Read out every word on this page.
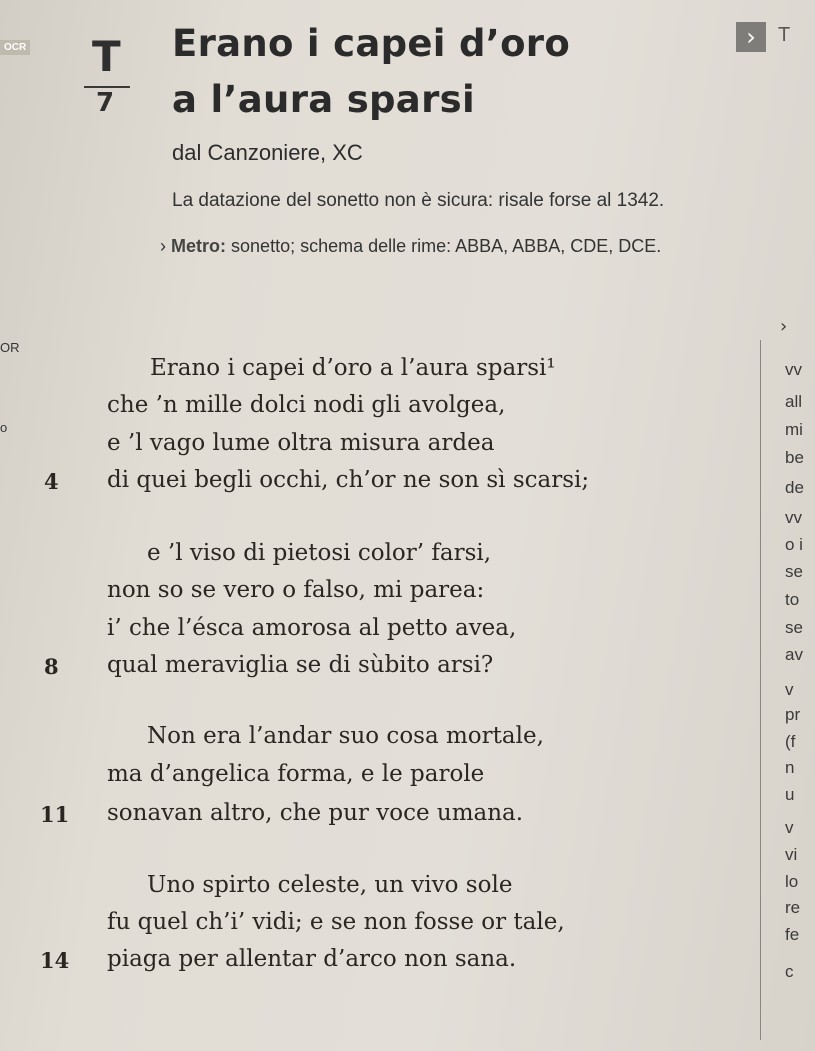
OCR
OR
o
T
7
Erano i capei d’oro
a l’aura sparsi
›	T
dal Canzoniere, XC
La datazione del sonetto non è sicura: risale forse al 1342.
› Metro: sonetto; schema delle rime: ABBA, ABBA, CDE, DCE.
›
vv
all
mi
be
de
vv
o i
se
to
se
av
v
pr
(f
n
u
v
vi
lo
re
fe
c
Erano i capei d’oro a l’aura sparsi¹
che ’n mille dolci nodi gli avolgea,
e ’l vago lume oltra misura ardea
di quei begli occhi, ch’or ne son sì scarsi;
4
e ’l viso di pietosi color’ farsi,
non so se vero o falso, mi parea:
i’ che l’ésca amorosa al petto avea,
qual meraviglia se di sùbito arsi?
8
Non era l’andar suo cosa mortale,
ma d’angelica forma, e le parole
sonavan altro, che pur voce umana.
11
Uno spirto celeste, un vivo sole
fu quel ch’i’ vidi; e se non fosse or tale,
piaga per allentar d’arco non sana.
14
